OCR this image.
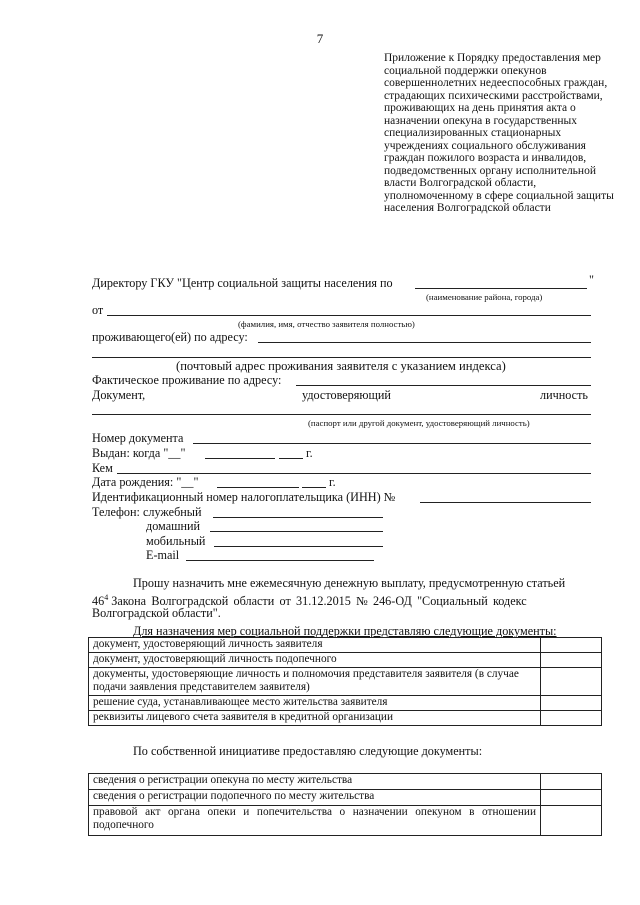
7
Приложение к Порядку предоставления мер социальной поддержки опекунов совершеннолетних недееспособных граждан, страдающих психическими расстройствами, проживающих на день принятия акта о назначении опекуна в государственных специализированных стационарных учреждениях социального обслуживания граждан пожилого возраста и инвалидов, подведомственных органу исполнительной власти Волгоградской области, уполномоченному в сфере социальной защиты населения Волгоградской области
Директору ГКУ "Центр социальной защиты населения по	"
(наименование района, города)
от
(фамилия, имя, отчество заявителя полностью)
проживающего(ей) по адресу:
(почтовый адрес проживания заявителя с указанием индекса)
Фактическое проживание по адресу:
Документ,	удостоверяющий	личность
(паспорт или другой документ, удостоверяющий личность)
Номер документа
Выдан: когда "__"	г.
Кем
Дата рождения: "__"	г.
Идентификационный номер налогоплательщика (ИНН) №
Телефон: служебный
домашний
мобильный
E-mail
Прошу назначить мне ежемесячную денежную выплату, предусмотренную статьей
$46^4$ Закона Волгоградской области от 31.12.2015 № 246-ОД "Социальный кодекс
Волгоградской области".
Для назначения мер социальной поддержки представляю следующие документы:
документ, удостоверяющий личность заявителя	
документ, удостоверяющий личность подопечного	
документы, удостоверяющие личность и полномочия представителя заявителя (в случае подачи заявления представителем заявителя)	
решение суда, устанавливающее место жительства заявителя	
реквизиты лицевого счета заявителя в кредитной организации	
По собственной инициативе предоставляю следующие документы:
сведения о регистрации опекуна по месту жительства	
сведения о регистрации подопечного по месту жительства	
правовой акт органа опеки и попечительства о назначении опекуном в отношении подопечного	
